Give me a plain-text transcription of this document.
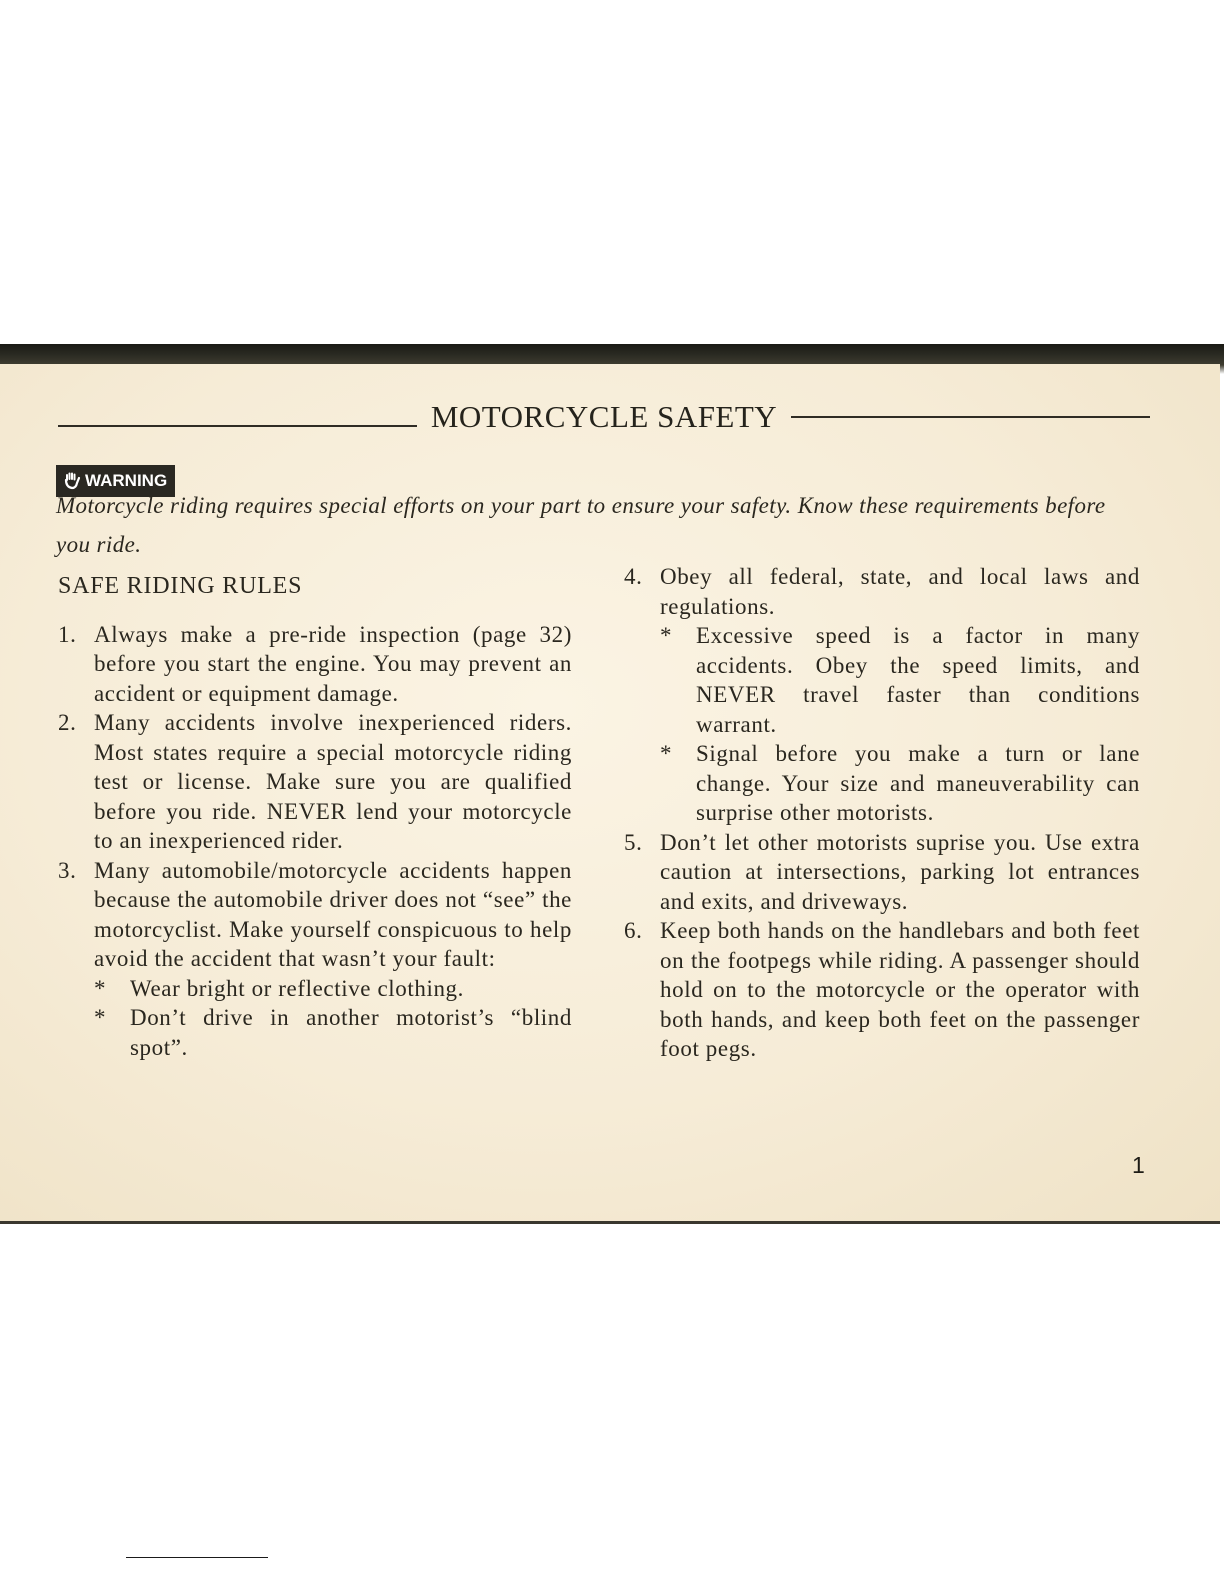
MOTORCYCLE SAFETY
WARNING
Motorcycle riding requires special efforts on your part to ensure your safety. Know these requirements before you ride.
SAFE RIDING RULES
1. Always make a pre-ride inspection (page 32) before you start the engine. You may prevent an accident or equipment damage.
2. Many accidents involve inexperienced riders. Most states require a special motorcycle riding test or license. Make sure you are qualified before you ride. NEVER lend your motorcycle to an inexperienced rider.
3. Many automobile/motorcycle accidents happen because the automobile driver does not “see” the motorcyclist. Make yourself conspicuous to help avoid the accident that wasn’t your fault:
*	Wear bright or reflective clothing.
*	Don’t drive in another motorist’s “blind spot”.
4. Obey all federal, state, and local laws and regulations.
*	Excessive speed is a factor in many accidents. Obey the speed limits, and NEVER travel faster than conditions warrant.
*	Signal before you make a turn or lane change. Your size and maneuverability can surprise other motorists.
5. Don’t let other motorists suprise you. Use extra caution at intersections, parking lot entrances and exits, and driveways.
6. Keep both hands on the handlebars and both feet on the footpegs while riding. A passenger should hold on to the motorcycle or the operator with both hands, and keep both feet on the passenger foot pegs.
1
